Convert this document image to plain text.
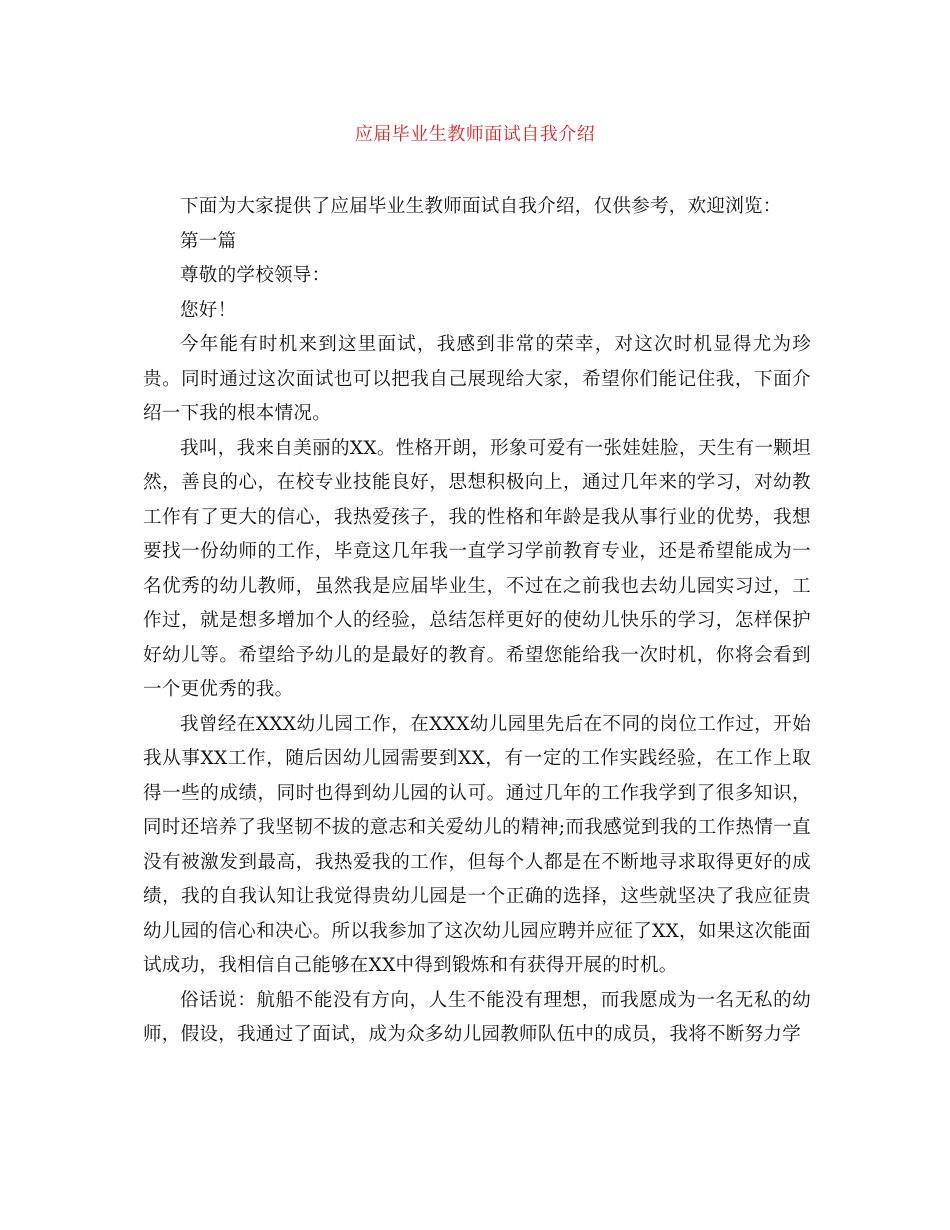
应届毕业生教师面试自我介绍

下面为大家提供了应届毕业生教师面试自我介绍，仅供参考，欢迎浏览：

第一篇

尊敬的学校领导：

您好！

今年能有时机来到这里面试，我感到非常的荣幸，对这次时机显得尤为珍贵。同时通过这次面试也可以把我自己展现给大家，希望你们能记住我，下面介绍一下我的根本情况。

我叫，我来自美丽的XX。性格开朗，形象可爱有一张娃娃脸，天生有一颗坦然，善良的心，在校专业技能良好，思想积极向上，通过几年来的学习，对幼教工作有了更大的信心，我热爱孩子，我的性格和年龄是我从事行业的优势，我想要找一份幼师的工作，毕竟这几年我一直学习学前教育专业，还是希望能成为一名优秀的幼儿教师，虽然我是应届毕业生，不过在之前我也去幼儿园实习过，工作过，就是想多增加个人的经验，总结怎样更好的使幼儿快乐的学习，怎样保护好幼儿等。希望给予幼儿的是最好的教育。希望您能给我一次时机，你将会看到一个更优秀的我。

我曾经在XXX幼儿园工作，在XXX幼儿园里先后在不同的岗位工作过，开始我从事XX工作，随后因幼儿园需要到XX，有一定的工作实践经验，在工作上取得一些的成绩，同时也得到幼儿园的认可。通过几年的工作我学到了很多知识，同时还培养了我坚韧不拔的意志和关爱幼儿的精神;而我感觉到我的工作热情一直没有被激发到最高，我热爱我的工作，但每个人都是在不断地寻求取得更好的成绩，我的自我认知让我觉得贵幼儿园是一个正确的选择，这些就坚决了我应征贵幼儿园的信心和决心。所以我参加了这次幼儿园应聘并应征了XX，如果这次能面试成功，我相信自己能够在XX中得到锻炼和有获得开展的时机。

俗话说：航船不能没有方向，人生不能没有理想，而我愿成为一名无私的幼师，假设，我通过了面试，成为众多幼儿园教师队伍中的成员，我将不断努力学
